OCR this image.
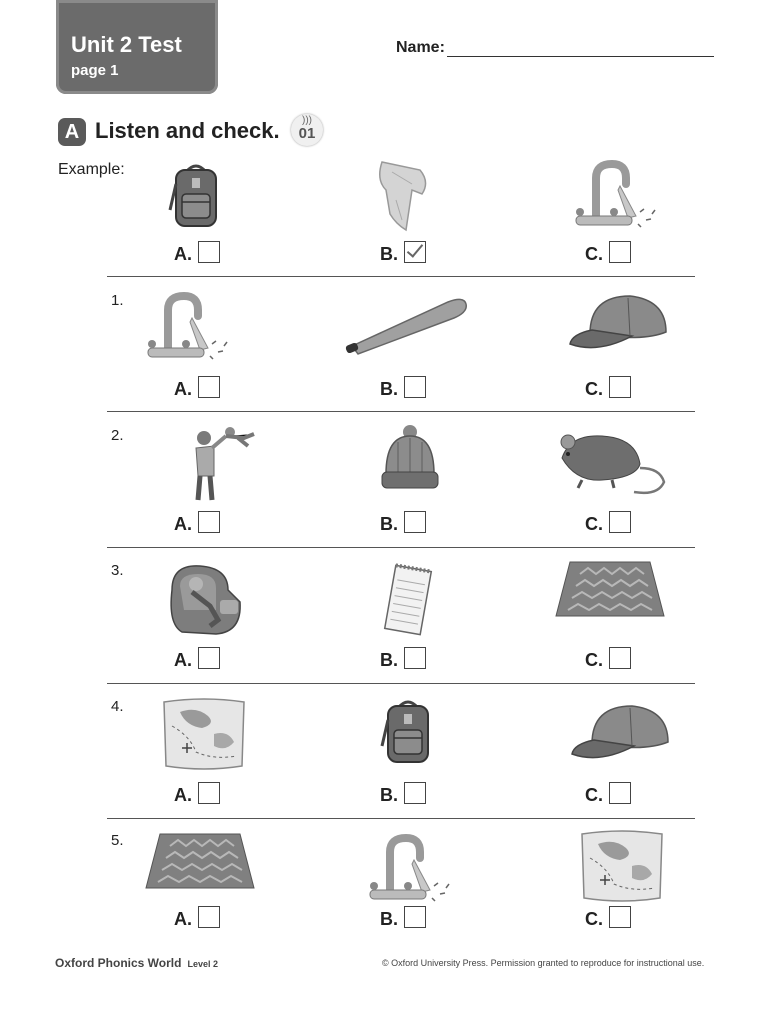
Unit 2 Test
page 1
Name:
A Listen and check. )))
01
Example:
A.	B.	C.
1.
A.	B.	C.
2.
A.	B.	C.
3.
A.	B.	C.
4.
A.	B.	C.
5.
A.	B.	C.
Oxford Phonics World Level 2	© Oxford University Press. Permission granted to reproduce for instructional use.
